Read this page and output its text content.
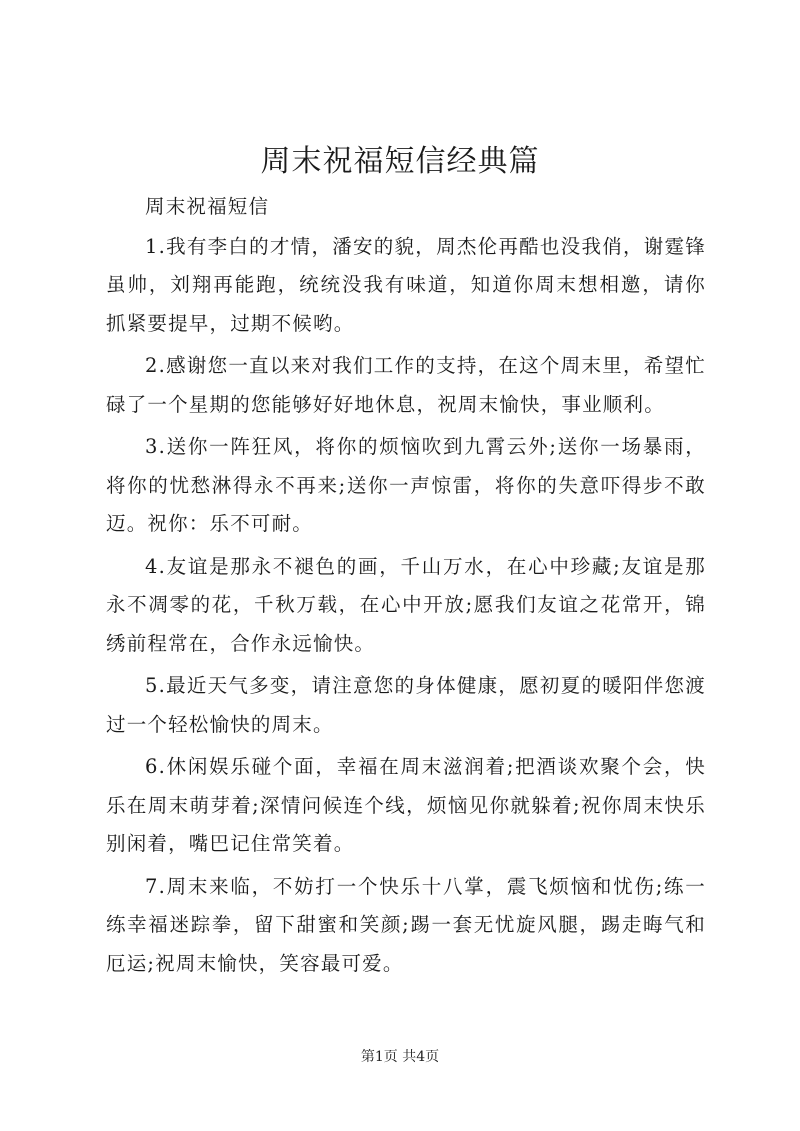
周末祝福短信经典篇

周末祝福短信

1.我有李白的才情，潘安的貌，周杰伦再酷也没我俏，谢霆锋虽帅，刘翔再能跑，统统没我有味道，知道你周末想相邀，请你抓紧要提早，过期不候哟。

2.感谢您一直以来对我们工作的支持，在这个周末里，希望忙碌了一个星期的您能够好好地休息，祝周末愉快，事业顺利。

3.送你一阵狂风，将你的烦恼吹到九霄云外;送你一场暴雨，将你的忧愁淋得永不再来;送你一声惊雷，将你的失意吓得步不敢迈。祝你：乐不可耐。

4.友谊是那永不褪色的画，千山万水，在心中珍藏;友谊是那永不凋零的花，千秋万载，在心中开放;愿我们友谊之花常开，锦绣前程常在，合作永远愉快。

5.最近天气多变，请注意您的身体健康，愿初夏的暖阳伴您渡过一个轻松愉快的周末。

6.休闲娱乐碰个面，幸福在周末滋润着;把酒谈欢聚个会，快乐在周末萌芽着;深情问候连个线，烦恼见你就躲着;祝你周末快乐别闲着，嘴巴记住常笑着。

7.周末来临，不妨打一个快乐十八掌，震飞烦恼和忧伤;练一练幸福迷踪拳，留下甜蜜和笑颜;踢一套无忧旋风腿，踢走晦气和厄运;祝周末愉快，笑容最可爱。

第1页 共4页
